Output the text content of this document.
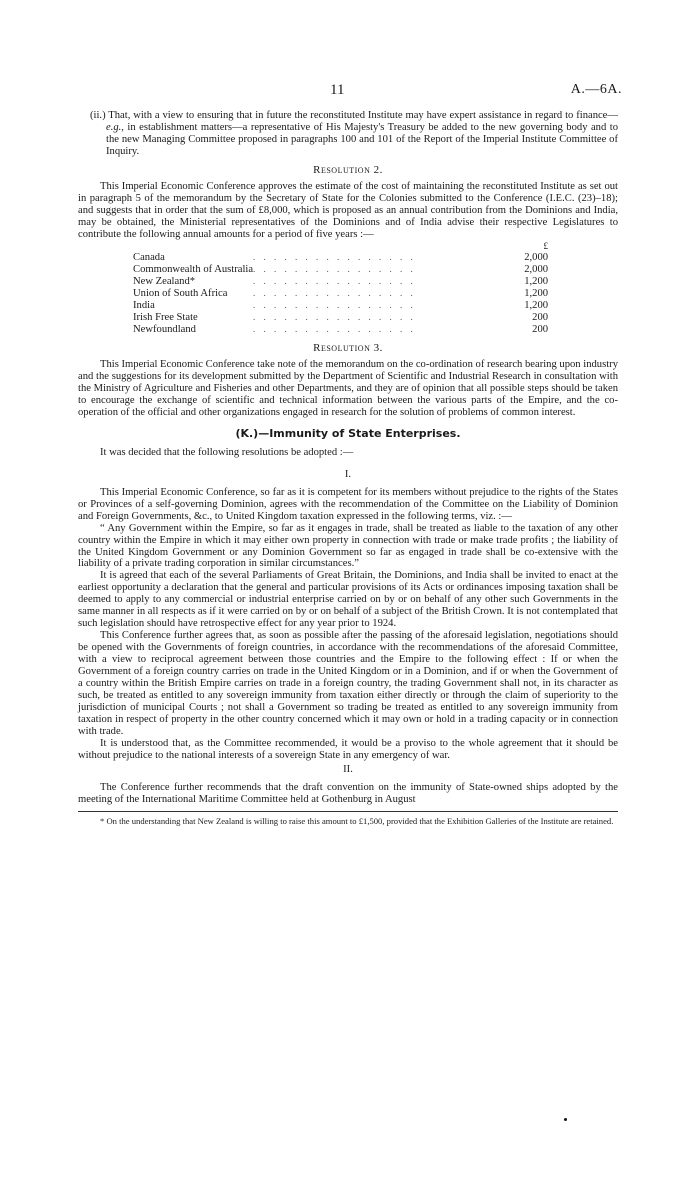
11	A.—6A.

(ii.) That, with a view to ensuring that in future the reconstituted Institute may have expert assistance in regard to finance—e.g., in establishment matters—a representative of His Majesty's Treasury be added to the new governing body and to the new Managing Committee proposed in paragraphs 100 and 101 of the Report of the Imperial Institute Committee of Inquiry.

Resolution 2.

This Imperial Economic Conference approves the estimate of the cost of maintaining the reconstituted Institute as set out in paragraph 5 of the memorandum by the Secretary of State for the Colonies submitted to the Conference (I.E.C. (23)–18); and suggests that in order that the sum of £8,000, which is proposed as an annual contribution from the Dominions and India, may be obtained, the Ministerial representatives of the Dominions and of India advise their respective Legislatures to contribute the following annual amounts for a period of five years :—

		£
Canada	. . . . . . . . . . . . . . . .	2,000
Commonwealth of Australia	. . . . . . . . . . . . . . . .	2,000
New Zealand*	. . . . . . . . . . . . . . . .	1,200
Union of South Africa	. . . . . . . . . . . . . . . .	1,200
India	. . . . . . . . . . . . . . . .	1,200
Irish Free State	. . . . . . . . . . . . . . . .	200
Newfoundland	. . . . . . . . . . . . . . . .	200
Resolution 3.

This Imperial Economic Conference take note of the memorandum on the co-ordination of research bearing upon industry and the suggestions for its development submitted by the Department of Scientific and Industrial Research in consultation with the Ministry of Agriculture and Fisheries and other Departments, and they are of opinion that all possible steps should be taken to encourage the exchange of scientific and technical information between the various parts of the Empire, and the co-operation of the official and other organizations engaged in research for the solution of problems of common interest.

(K.)—Immunity of State Enterprises.

It was decided that the following resolutions be adopted :—

I.

This Imperial Economic Conference, so far as it is competent for its members without prejudice to the rights of the States or Provinces of a self-governing Dominion, agrees with the recommendation of the Committee on the Liability of Dominion and Foreign Governments, &c., to United Kingdom taxation expressed in the following terms, viz. :—

“ Any Government within the Empire, so far as it engages in trade, shall be treated as liable to the taxation of any other country within the Empire in which it may either own property in connection with trade or make trade profits ; the liability of the United Kingdom Government or any Dominion Government so far as engaged in trade shall be co-extensive with the liability of a private trading corporation in similar circumstances.”

It is agreed that each of the several Parliaments of Great Britain, the Dominions, and India shall be invited to enact at the earliest opportunity a declaration that the general and particular provisions of its Acts or ordinances imposing taxation shall be deemed to apply to any commercial or industrial enterprise carried on by or on behalf of any other such Governments in the same manner in all respects as if it were carried on by or on behalf of a subject of the British Crown. It is not contemplated that such legislation should have retrospective effect for any year prior to 1924.

This Conference further agrees that, as soon as possible after the passing of the aforesaid legislation, negotiations should be opened with the Governments of foreign countries, in accordance with the recommendations of the aforesaid Committee, with a view to reciprocal agreement between those countries and the Empire to the following effect : If or when the Government of a foreign country carries on trade in the United Kingdom or in a Dominion, and if or when the Government of a country within the British Empire carries on trade in a foreign country, the trading Government shall not, in its character as such, be treated as entitled to any sovereign immunity from taxation either directly or through the claim of superiority to the jurisdiction of municipal Courts ; not shall a Government so trading be treated as entitled to any sovereign immunity from taxation in respect of property in the other country concerned which it may own or hold in a trading capacity or in connection with trade.

It is understood that, as the Committee recommended, it would be a proviso to the whole agreement that it should be without prejudice to the national interests of a sovereign State in any emergency of war.

II.

The Conference further recommends that the draft convention on the immunity of State-owned ships adopted by the meeting of the International Maritime Committee held at Gothenburg in August

* On the understanding that New Zealand is willing to raise this amount to £1,500, provided that the Exhibition Galleries of the Institute are retained.
